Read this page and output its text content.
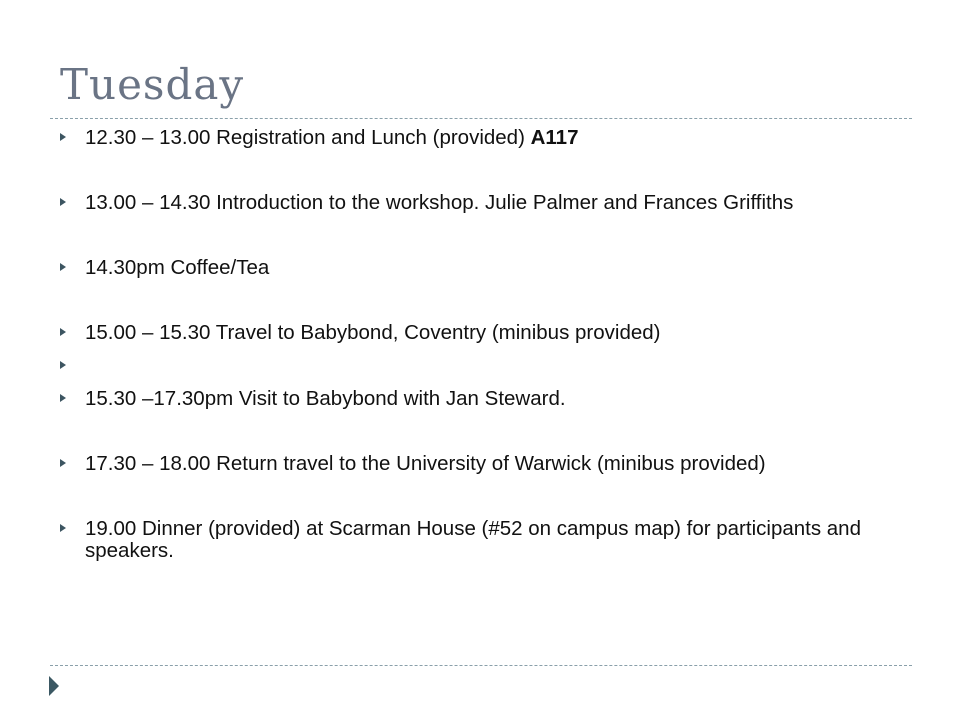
Tuesday
12.30 – 13.00 Registration and Lunch (provided) A117
13.00 – 14.30 Introduction to the workshop. Julie Palmer and Frances Griffiths
14.30pm Coffee/Tea
15.00 – 15.30 Travel to Babybond, Coventry (minibus provided)
15.30 –17.30pm Visit to Babybond with Jan Steward.
17.30 – 18.00 Return travel to the University of Warwick (minibus provided)
19.00 Dinner (provided) at Scarman House (#52 on campus map) for participants and speakers.
